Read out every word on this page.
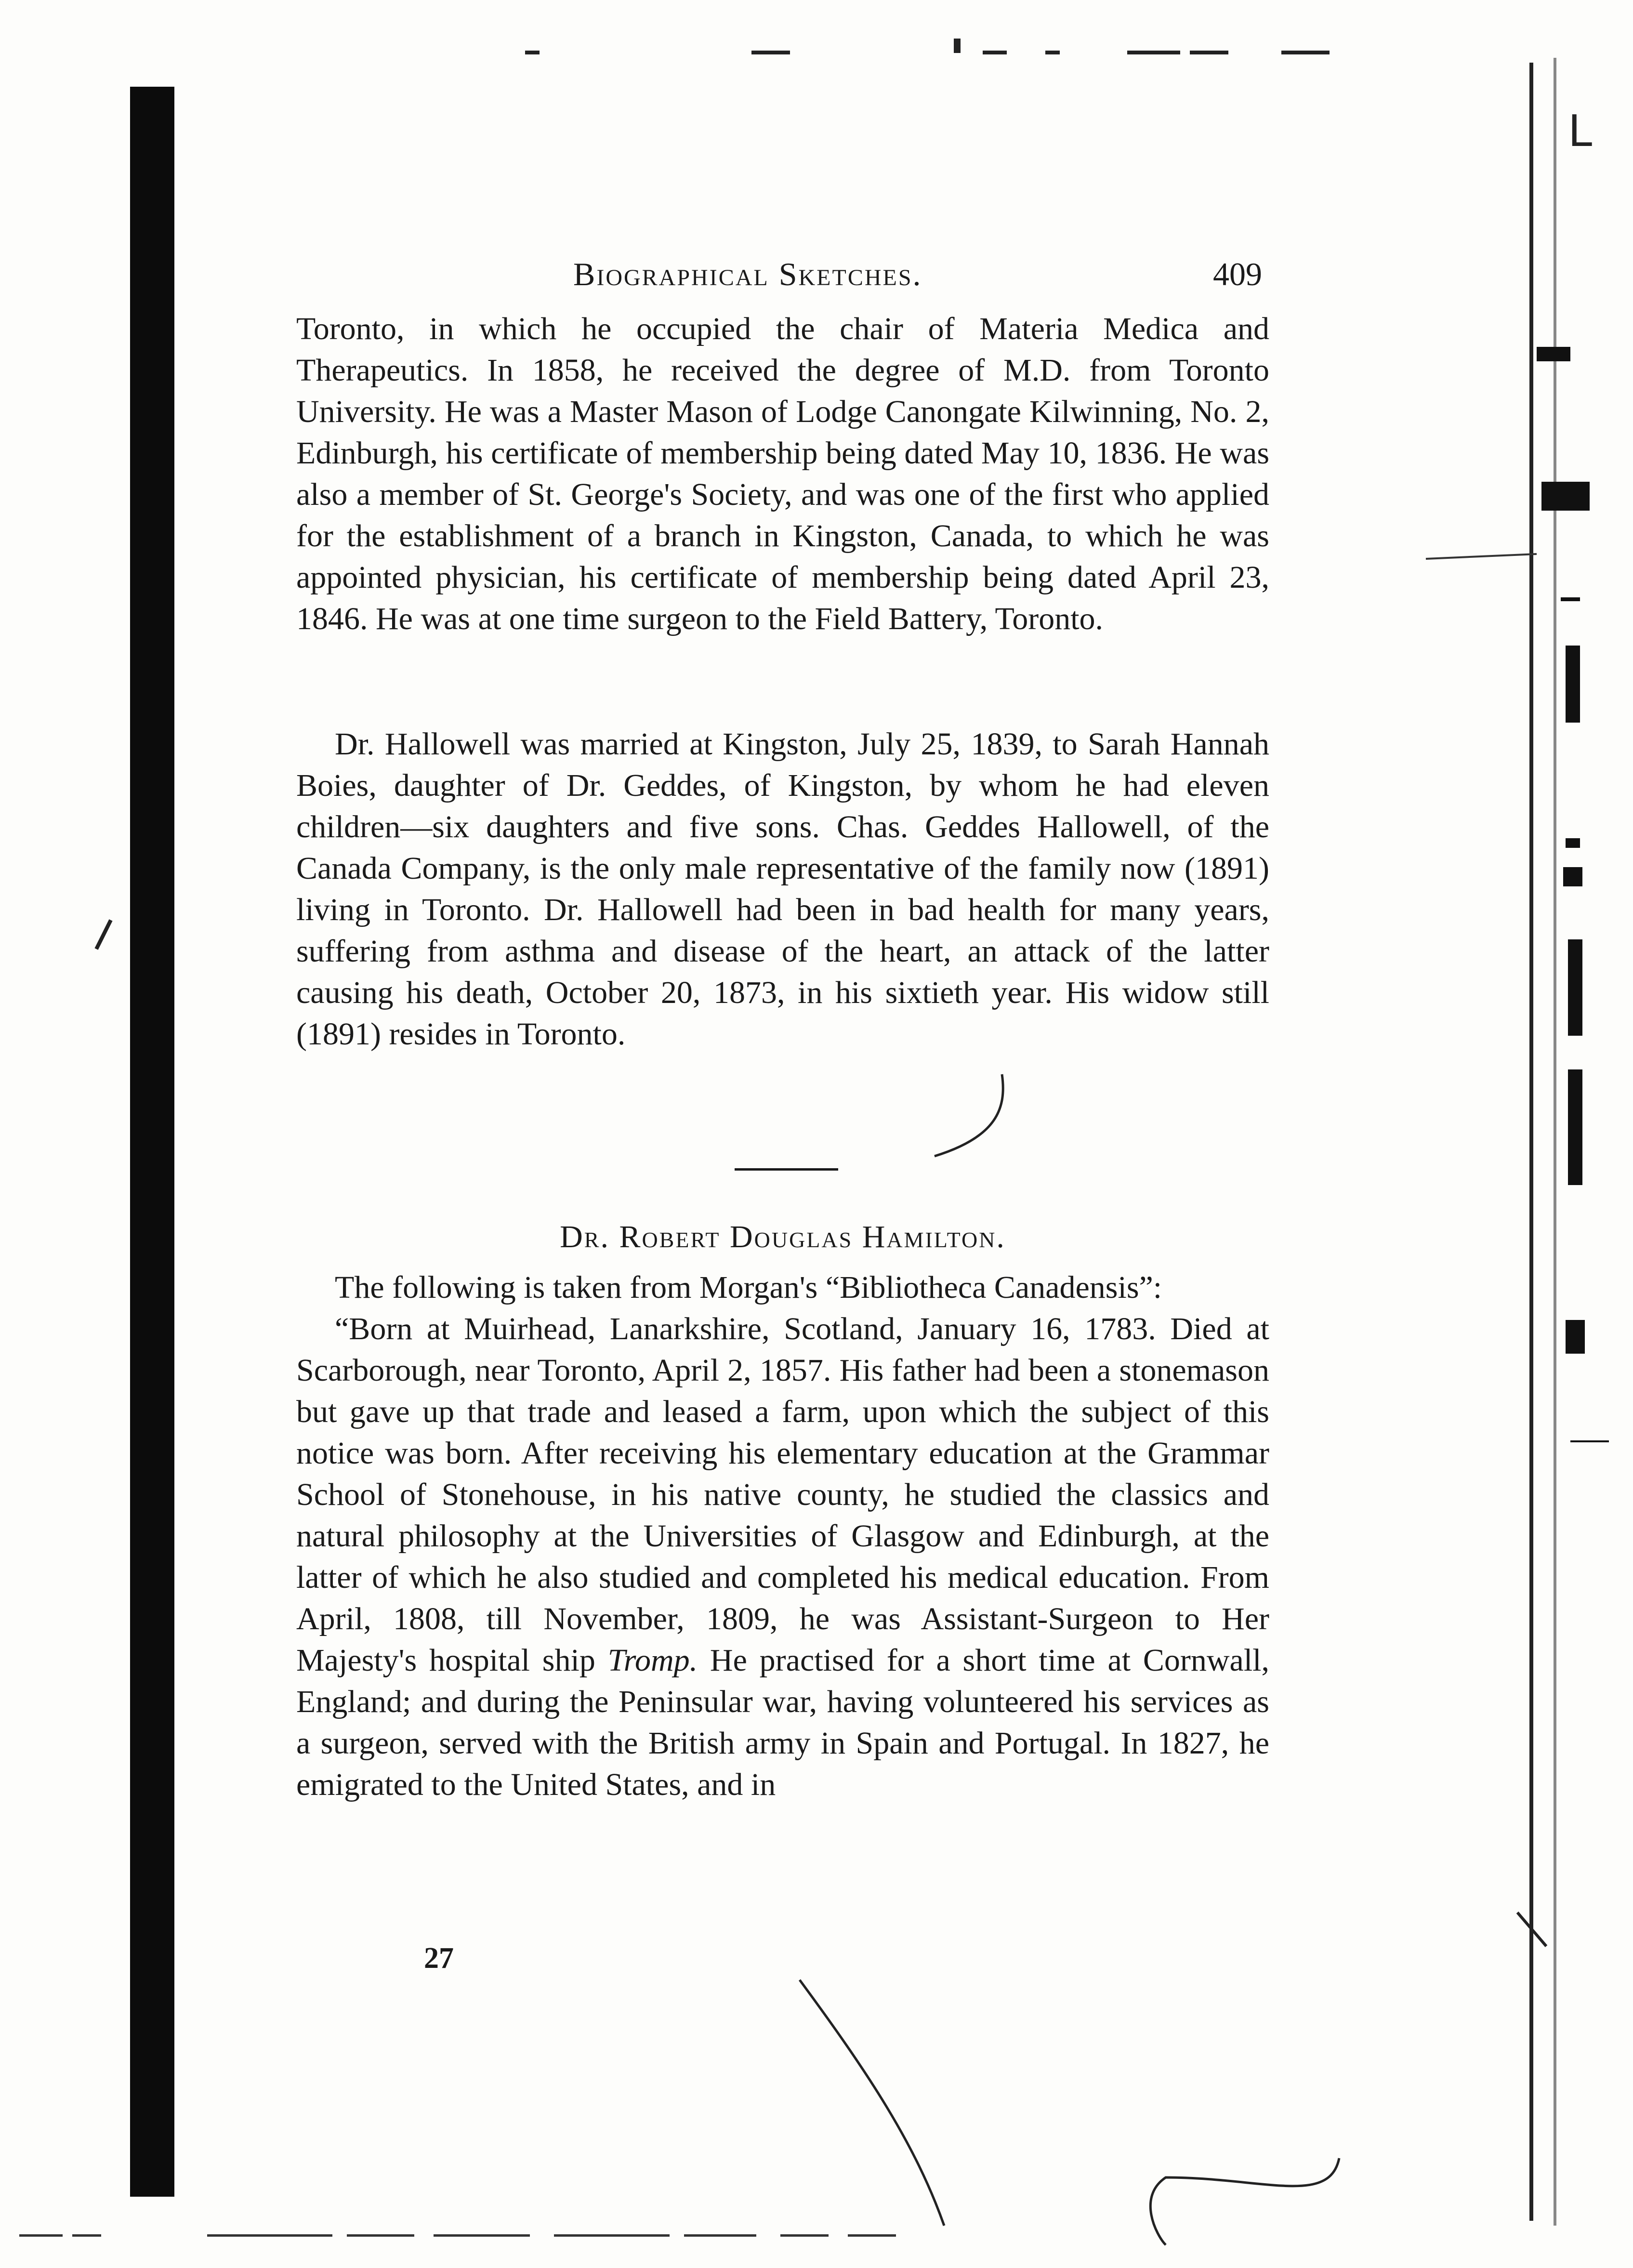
L
Biographical Sketches.	409

Toronto, in which he occupied the chair of Materia Medica and Therapeutics. In 1858, he received the degree of M.D. from Toronto University. He was a Master Mason of Lodge Canongate Kilwinning, No. 2, Edinburgh, his certificate of membership being dated May 10, 1836. He was also a member of St. George's Society, and was one of the first who applied for the establishment of a branch in Kingston, Canada, to which he was appointed physician, his certificate of membership being dated April 23, 1846. He was at one time surgeon to the Field Battery, Toronto.

Dr. Hallowell was married at Kingston, July 25, 1839, to Sarah Hannah Boies, daughter of Dr. Geddes, of Kingston, by whom he had eleven children—six daughters and five sons. Chas. Geddes Hallowell, of the Canada Company, is the only male representative of the family now (1891) living in Toronto. Dr. Hallowell had been in bad health for many years, suffering from asthma and disease of the heart, an attack of the latter causing his death, October 20, 1873, in his sixtieth year. His widow still (1891) resides in Toronto.

Dr. Robert Douglas Hamilton.

The following is taken from Morgan's “Bibliotheca Canadensis”:

“Born at Muirhead, Lanarkshire, Scotland, January 16, 1783. Died at Scarborough, near Toronto, April 2, 1857. His father had been a stonemason but gave up that trade and leased a farm, upon which the subject of this notice was born. After receiving his elementary education at the Grammar School of Stonehouse, in his native county, he studied the classics and natural philosophy at the Universities of Glasgow and Edinburgh, at the latter of which he also studied and completed his medical education. From April, 1808, till November, 1809, he was Assistant-Surgeon to Her Majesty's hospital ship Tromp. He practised for a short time at Cornwall, England; and during the Peninsular war, having volunteered his services as a surgeon, served with the British army in Spain and Portugal. In 1827, he emigrated to the United States, and in

27
